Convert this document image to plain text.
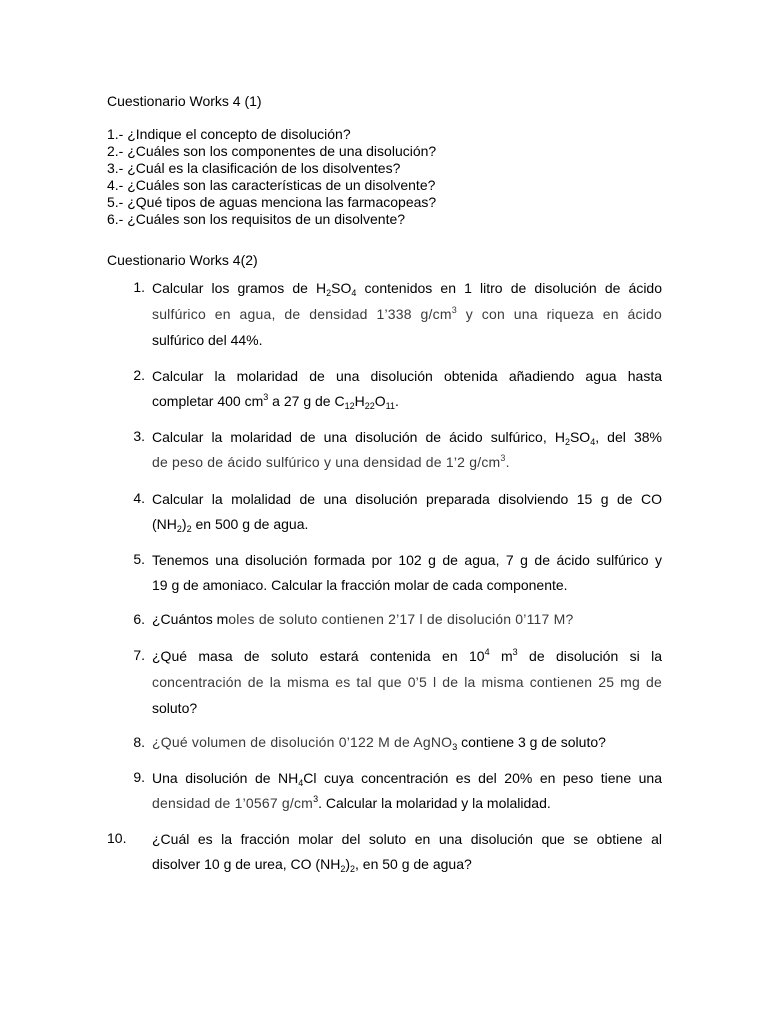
Cuestionario Works 4 (1)
1.- ¿Indique el concepto de disolución?
2.- ¿Cuáles son los componentes de una disolución?
3.- ¿Cuál es la clasificación de los disolventes?
4.- ¿Cuáles son las características de un disolvente?
5.- ¿Qué tipos de aguas menciona las farmacopeas?
6.- ¿Cuáles son los requisitos de un disolvente?
Cuestionario Works 4(2)
1. Calcular los gramos de $H_2SO_4$ contenidos en 1 litro de disolución de ácido
sulfúrico en agua, de densidad 1’338 $g/cm^3$ y con una riqueza en ácido
sulfúrico del 44%.
2. Calcular la molaridad de una disolución obtenida añadiendo agua hasta
completar 400 $cm^3$ a 27 g de $C_{12}H_{22}O_{11}$.
3. Calcular la molaridad de una disolución de ácido sulfúrico, $H_2SO_4$, del 38%
de peso de ácido sulfúrico y una densidad de 1’2 $g/cm^3$.
4. Calcular la molalidad de una disolución preparada disolviendo 15 g de CO
$(NH_2)_2$ en 500 g de agua.
5. Tenemos una disolución formada por 102 g de agua, 7 g de ácido sulfúrico y
19 g de amoniaco. Calcular la fracción molar de cada componente.
6. ¿Cuántos moles de soluto contienen 2’17 l de disolución 0’117 M?
7. ¿Qué masa de soluto estará contenida en $10^4$ $m^3$ de disolución si la
concentración de la misma es tal que 0’5 l de la misma contienen 25 mg de
soluto?
8. ¿Qué volumen de disolución 0’122 M de AgNO$_3$ contiene 3 g de soluto?
9. Una disolución de $NH_4Cl$ cuya concentración es del 20% en peso tiene una
densidad de 1’0567 $g/cm^3$. Calcular la molaridad y la molalidad.
10.	¿Cuál es la fracción molar del soluto en una disolución que se obtiene al
disolver 10 g de urea, CO $(NH_2)_2$, en 50 g de agua?
